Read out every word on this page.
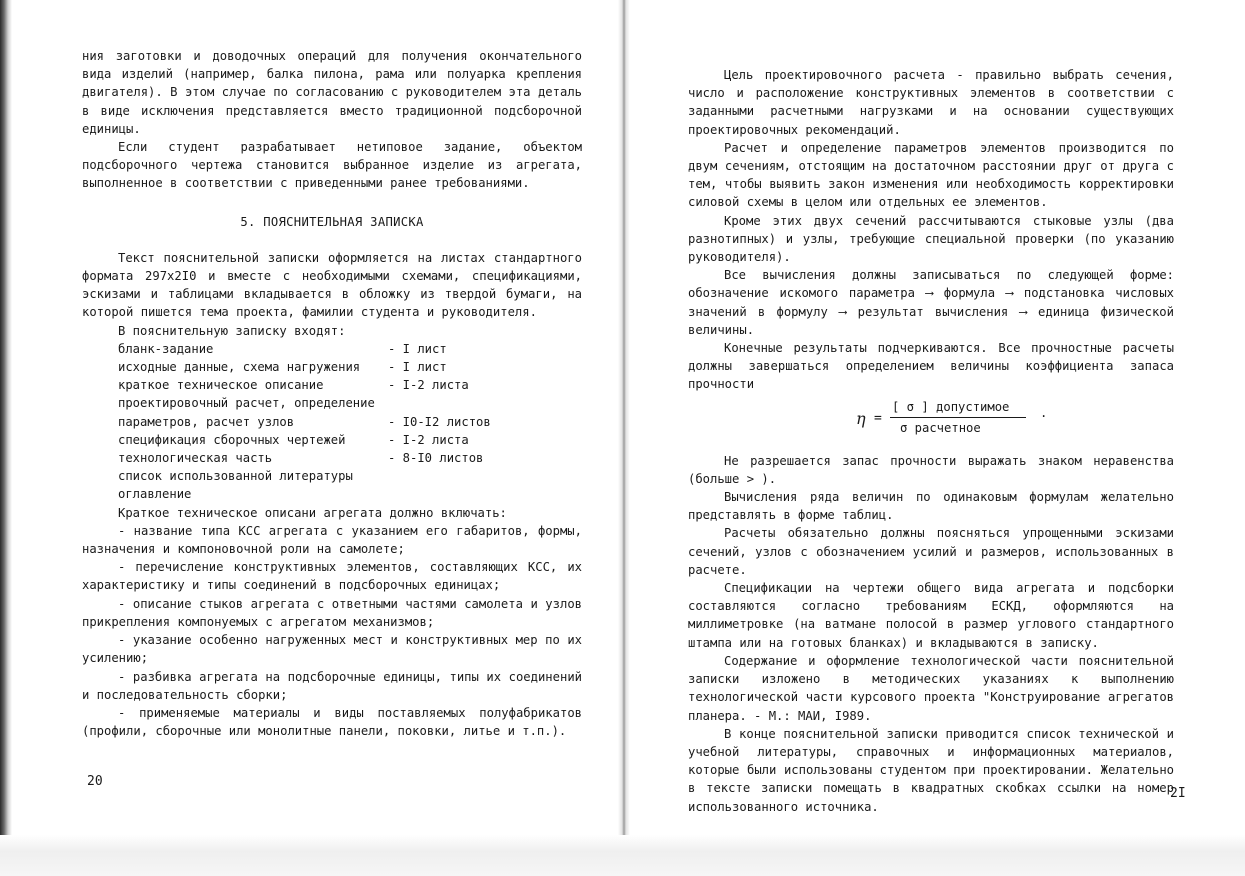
ния заготовки и доводочных операций для получения окончательного вида изделий (например, балка пилона, рама или полуарка крепления двигателя). В этом случае по согласованию с руководителем эта деталь в виде исключения представляется вместо традиционной подсборочной единицы.

Если студент разрабатывает нетиповое задание, объектом подсборочного чертежа становится выбранное изделие из агрегата, выполненное в соответствии с приведенными ранее требованиями.

5. ПОЯСНИТЕЛЬНАЯ ЗАПИСКА

Текст пояснительной записки оформляется на листах стандартного формата 297x2I0 и вместе с необходимыми схемами, спецификациями, эскизами и таблицами вкладывается в обложку из твердой бумаги, на которой пишется тема проекта, фамилии студента и руководителя.

В пояснительную записку входят:
бланк-задание	- I лист
исходные данные, схема нагружения	- I лист
краткое техническое описание	- I-2 листа
проектировочный расчет, определение
параметров, расчет узлов	- I0-I2 листов
спецификация сборочных чертежей	- I-2 листа
технологическая часть	- 8-I0 листов
список использованной литературы
оглавление

Краткое техническое описани агрегата должно включать:

- название типа КСС агрегата с указанием его габаритов, формы, назначения и компоновочной роли на самолете;

- перечисление конструктивных элементов, составляющих КСС, их характеристику и типы соединений в подсборочных единицах;

- описание стыков агрегата с ответными частями самолета и узлов прикрепления компонуемых с агрегатом механизмов;

- указание особенно нагруженных мест и конструктивных мер по их усилению;

- разбивка агрегата на подсборочные единицы, типы их соединений и последовательность сборки;

- применяемые материалы и виды поставляемых полуфабрикатов (профили, сборочные или монолитные панели, поковки, литье и т.п.).

20

Цель проектировочного расчета - правильно выбрать сечения, число и расположение конструктивных элементов в соответствии с заданными расчетными нагрузками и на основании существующих проектировочных рекомендаций.

Расчет и определение параметров элементов производится по двум сечениям, отстоящим на достаточном расстоянии друг от друга с тем, чтобы выявить закон изменения или необходимость корректировки силовой схемы в целом или отдельных ее элементов.

Кроме этих двух сечений рассчитываются стыковые узлы (два разнотипных) и узлы, требующие специальной проверки (по указанию руководителя).

Все вычисления должны записываться по следующей форме: обозначение искомого параметра ⟶ формула ⟶ подстановка числовых значений в формулу ⟶ результат вычисления ⟶ единица физической величины.

Конечные результаты подчеркиваются. Все прочностные расчеты должны завершаться определением величины коэффициента запаса прочности

η =
[ σ ] допустимое
σ расчетное
.

Не разрешается запас прочности выражать знаком неравенства (больше > ).

Вычисления ряда величин по одинаковым формулам желательно представлять в форме таблиц.

Расчеты обязательно должны поясняться упрощенными эскизами сечений, узлов с обозначением усилий и размеров, использованных в расчете.

Спецификации на чертежи общего вида агрегата и подсборки составляются согласно требованиям ЕСКД, оформляются на миллиметровке (на ватмане полосой в размер углового стандартного штампа или на готовых бланках) и вкладываются в записку.

Содержание и оформление технологической части пояснительной записки изложено в методических указаниях к выполнению технологической части курсового проекта "Конструирование агрегатов планера. - М.: МАИ, I989.

В конце пояснительной записки приводится список технической и учебной литературы, справочных и информационных материалов, которые были использованы студентом при проектировании. Желательно в тексте записки помещать в квадратных скобках ссылки на номер использованного источника.

2I
